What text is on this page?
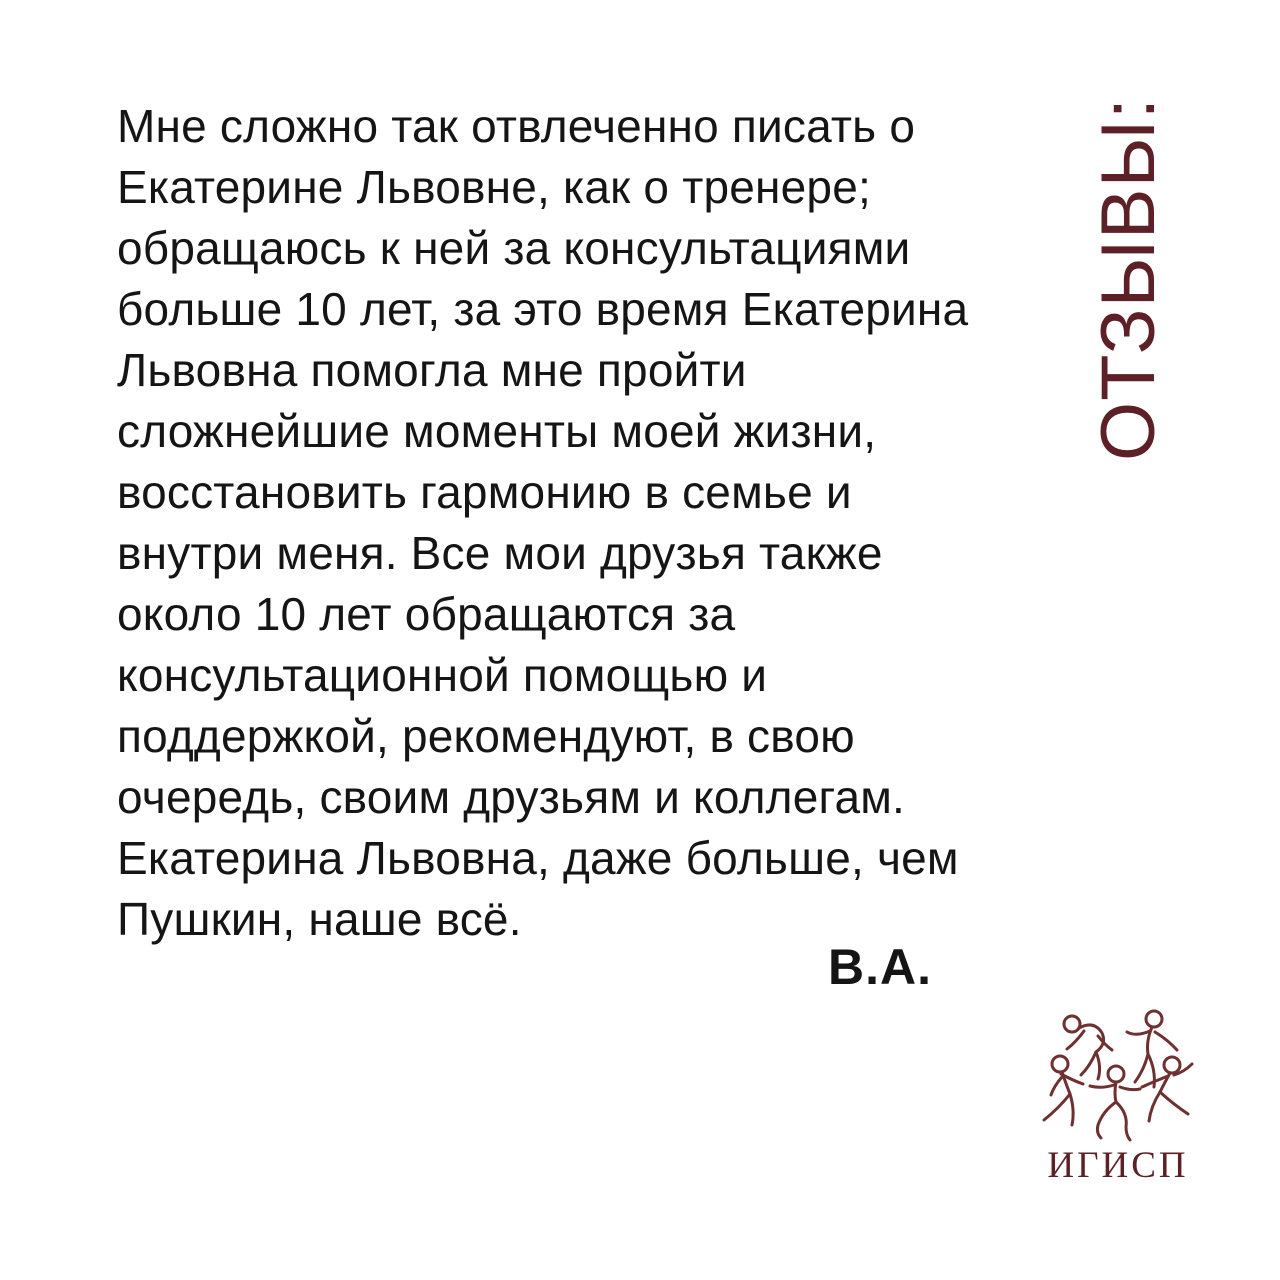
Мне сложно так отвлеченно писать о
Екатерине Львовне, как о тренере;
обращаюсь к ней за консультациями
больше 10 лет, за это время Екатерина
Львовна помогла мне пройти
сложнейшие моменты моей жизни,
восстановить гармонию в семье и
внутри меня. Все мои друзья также
около 10 лет обращаются за
консультационной помощью и
поддержкой, рекомендуют, в свою
очередь, своим друзьям и коллегам.
Екатерина Львовна, даже больше, чем
Пушкин, наше всё.
В.А.
ОТЗЫВЫ:
ИГИСП
